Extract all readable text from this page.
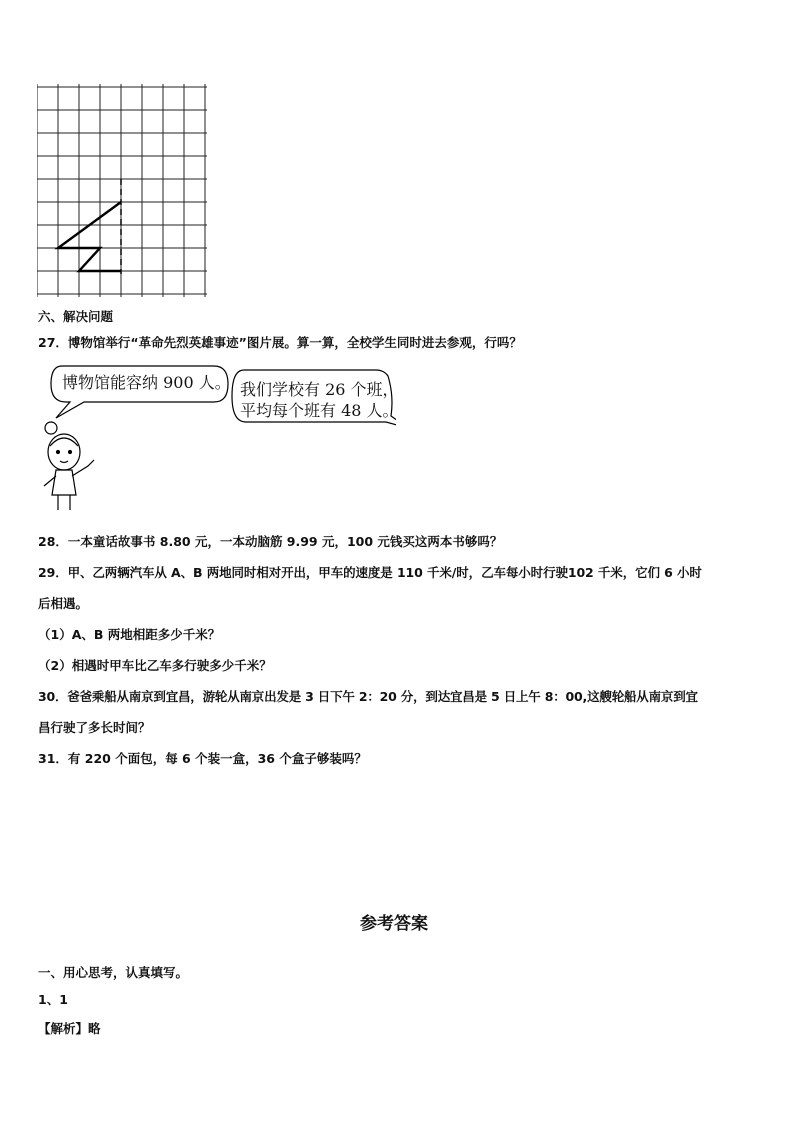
六、解决问题
27．博物馆举行“革命先烈英雄事迹”图片展。算一算，全校学生同时进去参观，行吗？
博物馆能容纳 900 人。 我们学校有 26 个班，
平均每个班有 48 人。
28．一本童话故事书 8.80 元，一本动脑筋 9.99 元，100 元钱买这两本书够吗？
29．甲、乙两辆汽车从 A、B 两地同时相对开出，甲车的速度是 110 千米/时，乙车每小时行驶102 千米，它们 6 小时
后相遇。
（1）A、B 两地相距多少千米？
（2）相遇时甲车比乙车多行驶多少千米？
30．爸爸乘船从南京到宜昌，游轮从南京出发是 3 日下午 2：20 分，到达宜昌是 5 日上午 8：00,这艘轮船从南京到宜
昌行驶了多长时间？
31．有 220 个面包，每 6 个装一盒，36 个盒子够装吗？
参考答案
一、用心思考，认真填写。
1、1
【解析】略
